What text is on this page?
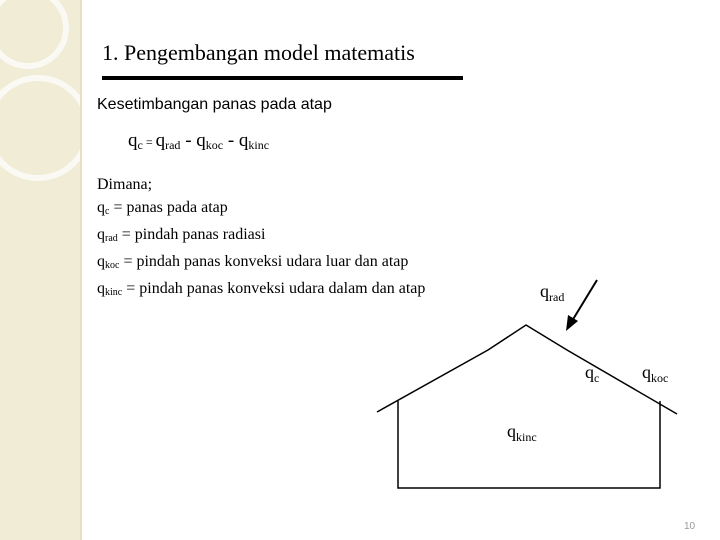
1. Pengembangan model matematis
Kesetimbangan panas pada atap
$q_c = q_{rad} - q_{koc} - q_{kinc}$
Dimana;
$q_c$ = panas pada atap
$q_{rad}$ = pindah panas radiasi
$q_{koc}$ = pindah panas konveksi udara luar dan atap
$q_{kinc}$ = pindah panas konveksi udara dalam dan atap	$q_{rad}$
$q_c$ $q_{koc}$
$q_{kinc}$
10
